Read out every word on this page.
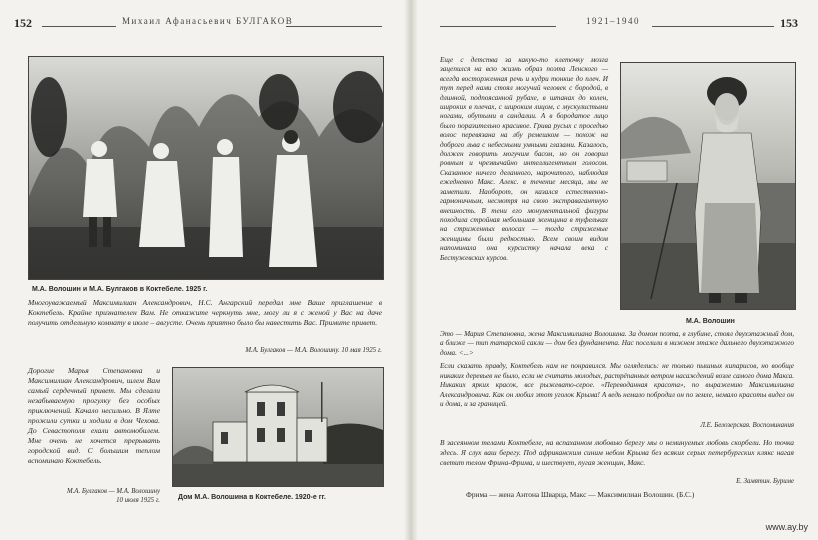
152	Михаил Афанасьевич БУЛГАКОВ
М.А. Волошин и М.А. Булгаков в Коктебеле. 1925 г.
Многоуважаемый Максимилиан Александрович, Н.С. Ангарский передал мне Ваше приглашение в Коктебель. Крайне признателен Вам. Не откажите черкнуть мне, могу ли я с женой у Вас на даче получить отдельную комнату в июле – августе. Очень приятно было бы навестить Вас. Примите привет.
М.А. Булгаков — М.А. Волошину. 10 мая 1925 г.
Дорогие Марья Степановна и Максимилиан Александрович, шлем Вам самый сердечный привет. Мы сделали незабываемую прогулку без особых приключений. Качало несильно. В Ялте прожили сутки и ходили в дом Чехова. До Севастополя ехали автомобилем. Мне очень не хочется прерывать городской вид. С большим теплом вспоминаю Коктебель.
М.А. Булгаков — М.А. Волошину
10 июля 1925 г.	Дом М.А. Волошина в Коктебеле. 1920-е гг.
1921–1940	153
Еще с детства за какую-то клеточку мозга зацепился на всю жизнь образ поэта Ленского — всегда восторженная речь и кудри тонкие до плеч. И тут перед нами стоял могучий человек с бородой, в длинной, подпоясанной рубахе, в штанах до колен, широких в плечах, с широким лицом, с мускулистыми ногами, обутыми в сандалии. А в бородатое лицо было поразительно красивое. Грива русых с проседью волос перевязана на лбу ремешком — похож на доброго льва с небесными умными глазами. Казалось, должен говорить могучим басом, но он говорил ровным и чрезвычайно интеллигентным голосом. Сказанное ничего деланного, нарочитого, наблюдая ежедневно Макс. Алекс. в течение месяца, мы не заметили. Наоборот, он казался естественно-гармоничным, несмотря на свою экстравагантную внешность. В тени его монументальной фигуры походила стройная небольшая женщина в туфельках на стриженных волосах — тогда стриженые женщины были редкостью. Всем своим видом напоминала она курсистку начала века с Бестужевских курсов.
М.А. Волошин
Это — Мария Степановна, жена Максимилиана Волошина. За домом поэта, в глубине, стоял двухэтажный дом, а ближе — тип татарской сакли — дом без фундамента. Нас поселили в нижнем этаже дальнего двухэтажного дома. <...>
Если сказать правду, Коктебель нам не понравился. Мы огляделись: не только пышных кипарисов, но вообще никаких деревьев не было, если не считать молодых, растрёпанных ветром насаждений возле самого дома Макса. Никаких ярких красок, все рыжевато-серое. «Переводанная красота», по выражению Максимилиана Александровича. Как он любил этот уголок Крыма! А ведь немало побродил он по земле, немало красоты видел он и дома, и за границей.
Л.Е. Белозерская. Воспоминания
В засеянном телами Коктебеле, на вспаханном любовью берегу мы о неминуемых любовь скорбели. Но точка здесь. Я слух ваш берегу. Под африканским синим небом Крыма без всяких серых петербургских клякс нагая светит телом Фрина-Фрима, и шествует, пугая женщин, Макс.
Е. Замятин. Буриме
Фрима — жена Антона Шварца, Макс — Максимилиан Волошин. (Б.С.)
www.ay.by
